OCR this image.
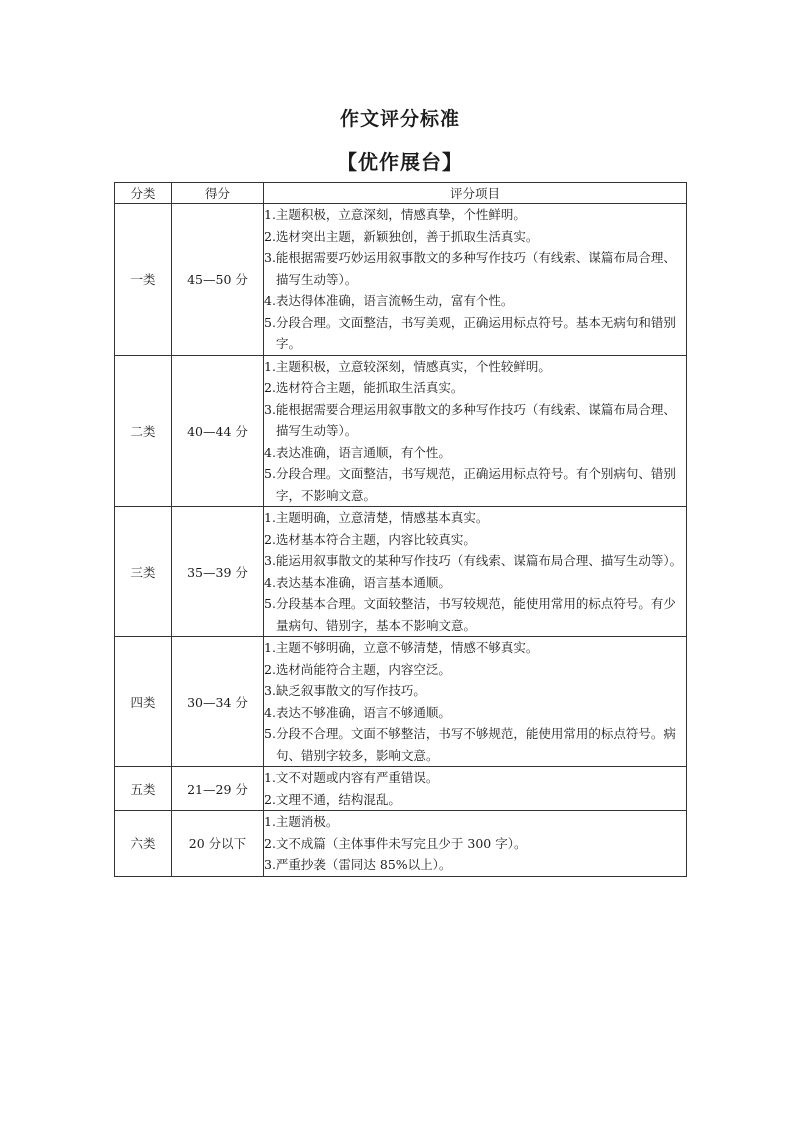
作文评分标准
【优作展台】
分类	得分	评分项目
一类	45—50 分	1.主题积极，立意深刻，情感真挚，个性鲜明。
2.选材突出主题，新颖独创，善于抓取生活真实。
3.能根据需要巧妙运用叙事散文的多种写作技巧（有线索、谋篇布局合理、描写生动等）。
4.表达得体准确，语言流畅生动，富有个性。
5.分段合理。文面整洁，书写美观，正确运用标点符号。基本无病句和错别字。

二类	40—44 分	1.主题积极，立意较深刻，情感真实，个性较鲜明。
2.选材符合主题，能抓取生活真实。
3.能根据需要合理运用叙事散文的多种写作技巧（有线索、谋篇布局合理、描写生动等）。
4.表达准确，语言通顺，有个性。
5.分段合理。文面整洁，书写规范，正确运用标点符号。有个别病句、错别字，不影响文意。

三类	35—39 分	1.主题明确，立意清楚，情感基本真实。
2.选材基本符合主题，内容比较真实。
3.能运用叙事散文的某种写作技巧（有线索、谋篇布局合理、描写生动等）。
4.表达基本准确，语言基本通顺。
5.分段基本合理。文面较整洁，书写较规范，能使用常用的标点符号。有少量病句、错别字，基本不影响文意。

四类	30—34 分	1.主题不够明确，立意不够清楚，情感不够真实。
2.选材尚能符合主题，内容空泛。
3.缺乏叙事散文的写作技巧。
4.表达不够准确，语言不够通顺。
5.分段不合理。文面不够整洁，书写不够规范，能使用常用的标点符号。病句、错别字较多，影响文意。

五类	21—29 分	1.文不对题或内容有严重错误。
2.文理不通，结构混乱。

六类	20 分以下	1.主题消极。
2.文不成篇（主体事件未写完且少于 300 字）。
3.严重抄袭（雷同达 85%以上）。
